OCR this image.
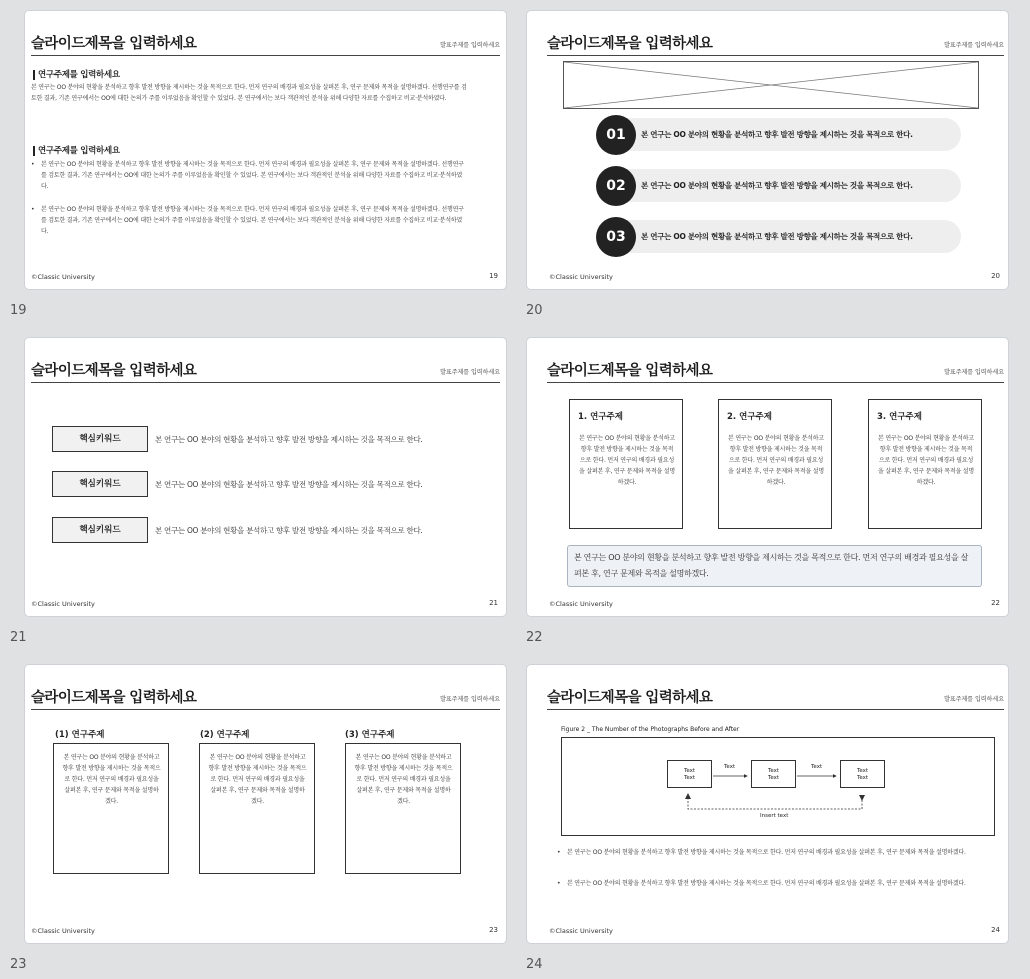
슬라이드제목을 입력하세요	발표주제를 입력하세요
연구주제를 입력하세요
본 연구는 OO 분야의 현황을 분석하고 향후 발전 방향을 제시하는 것을 목적으로 한다. 먼저 연구의 배경과 필요성을 살펴본 후, 연구 문제와 목적을 설명하겠다. 선행연구를 검토한 결과, 기존 연구에서는 OO에 대한 논의가 주를 이루었음을 확인할 수 있었다. 본 연구에서는 보다 객관적인 분석을 위해 다양한 자료를 수집하고 비교·분석하였다.
연구주제를 입력하세요
• 본 연구는 OO 분야의 현황을 분석하고 향후 발전 방향을 제시하는 것을 목적으로 한다. 먼저 연구의 배경과 필요성을 살펴본 후, 연구 문제와 목적을 설명하겠다. 선행연구를 검토한 결과, 기존 연구에서는 OO에 대한 논의가 주를 이루었음을 확인할 수 있었다. 본 연구에서는 보다 객관적인 분석을 위해 다양한 자료를 수집하고 비교·분석하였다.
• 본 연구는 OO 분야의 현황을 분석하고 향후 발전 방향을 제시하는 것을 목적으로 한다. 먼저 연구의 배경과 필요성을 살펴본 후, 연구 문제와 목적을 설명하겠다. 선행연구를 검토한 결과, 기존 연구에서는 OO에 대한 논의가 주를 이루었음을 확인할 수 있었다. 본 연구에서는 보다 객관적인 분석을 위해 다양한 자료를 수집하고 비교·분석하였다.
©Classic University	19
19
슬라이드제목을 입력하세요	발표주제를 입력하세요
01	본 연구는 OO 분야의 현황을 분석하고 향후 발전 방향을 제시하는 것을 목적으로 한다.
02	본 연구는 OO 분야의 현황을 분석하고 향후 발전 방향을 제시하는 것을 목적으로 한다.
03	본 연구는 OO 분야의 현황을 분석하고 향후 발전 방향을 제시하는 것을 목적으로 한다.
©Classic University	20
20
슬라이드제목을 입력하세요	발표주제를 입력하세요
핵심키워드	본 연구는 OO 분야의 현황을 분석하고 향후 발전 방향을 제시하는 것을 목적으로 한다.
핵심키워드	본 연구는 OO 분야의 현황을 분석하고 향후 발전 방향을 제시하는 것을 목적으로 한다.
핵심키워드	본 연구는 OO 분야의 현황을 분석하고 향후 발전 방향을 제시하는 것을 목적으로 한다.
©Classic University	21
21
슬라이드제목을 입력하세요	발표주제를 입력하세요
1. 연구주제
본 연구는 OO 분야의 현황을 분석하고 향후 발전 방향을 제시하는 것을 목적으로 한다. 먼저 연구의 배경과 필요성을 살펴본 후, 연구 문제와 목적을 설명하겠다.
2. 연구주제
본 연구는 OO 분야의 현황을 분석하고 향후 발전 방향을 제시하는 것을 목적으로 한다. 먼저 연구의 배경과 필요성을 살펴본 후, 연구 문제와 목적을 설명하겠다.
3. 연구주제
본 연구는 OO 분야의 현황을 분석하고 향후 발전 방향을 제시하는 것을 목적으로 한다. 먼저 연구의 배경과 필요성을 살펴본 후, 연구 문제와 목적을 설명하겠다.
본 연구는 OO 분야의 현황을 분석하고 향후 발전 방향을 제시하는 것을 목적으로 한다. 먼저 연구의 배경과 필요성을 살펴본 후, 연구 문제와 목적을 설명하겠다.
©Classic University	22
22
슬라이드제목을 입력하세요	발표주제를 입력하세요
(1) 연구주제
본 연구는 OO 분야의 현황을 분석하고 향후 발전 방향을 제시하는 것을 목적으로 한다. 먼저 연구의 배경과 필요성을 살펴본 후, 연구 문제와 목적을 설명하겠다.
(2) 연구주제
본 연구는 OO 분야의 현황을 분석하고 향후 발전 방향을 제시하는 것을 목적으로 한다. 먼저 연구의 배경과 필요성을 살펴본 후, 연구 문제와 목적을 설명하겠다.
(3) 연구주제
본 연구는 OO 분야의 현황을 분석하고 향후 발전 방향을 제시하는 것을 목적으로 한다. 먼저 연구의 배경과 필요성을 살펴본 후, 연구 문제와 목적을 설명하겠다.
©Classic University	23
23
슬라이드제목을 입력하세요	발표주제를 입력하세요
Figure 2 _ The Number of the Photographs Before and After
Text
Text
Text
Text
Text
Text
Text	Text
Insert text
• 본 연구는 OO 분야의 현황을 분석하고 향후 발전 방향을 제시하는 것을 목적으로 한다. 먼저 연구의 배경과 필요성을 살펴본 후, 연구 문제와 목적을 설명하겠다.
• 본 연구는 OO 분야의 현황을 분석하고 향후 발전 방향을 제시하는 것을 목적으로 한다. 먼저 연구의 배경과 필요성을 살펴본 후, 연구 문제와 목적을 설명하겠다.
©Classic University	24
24
